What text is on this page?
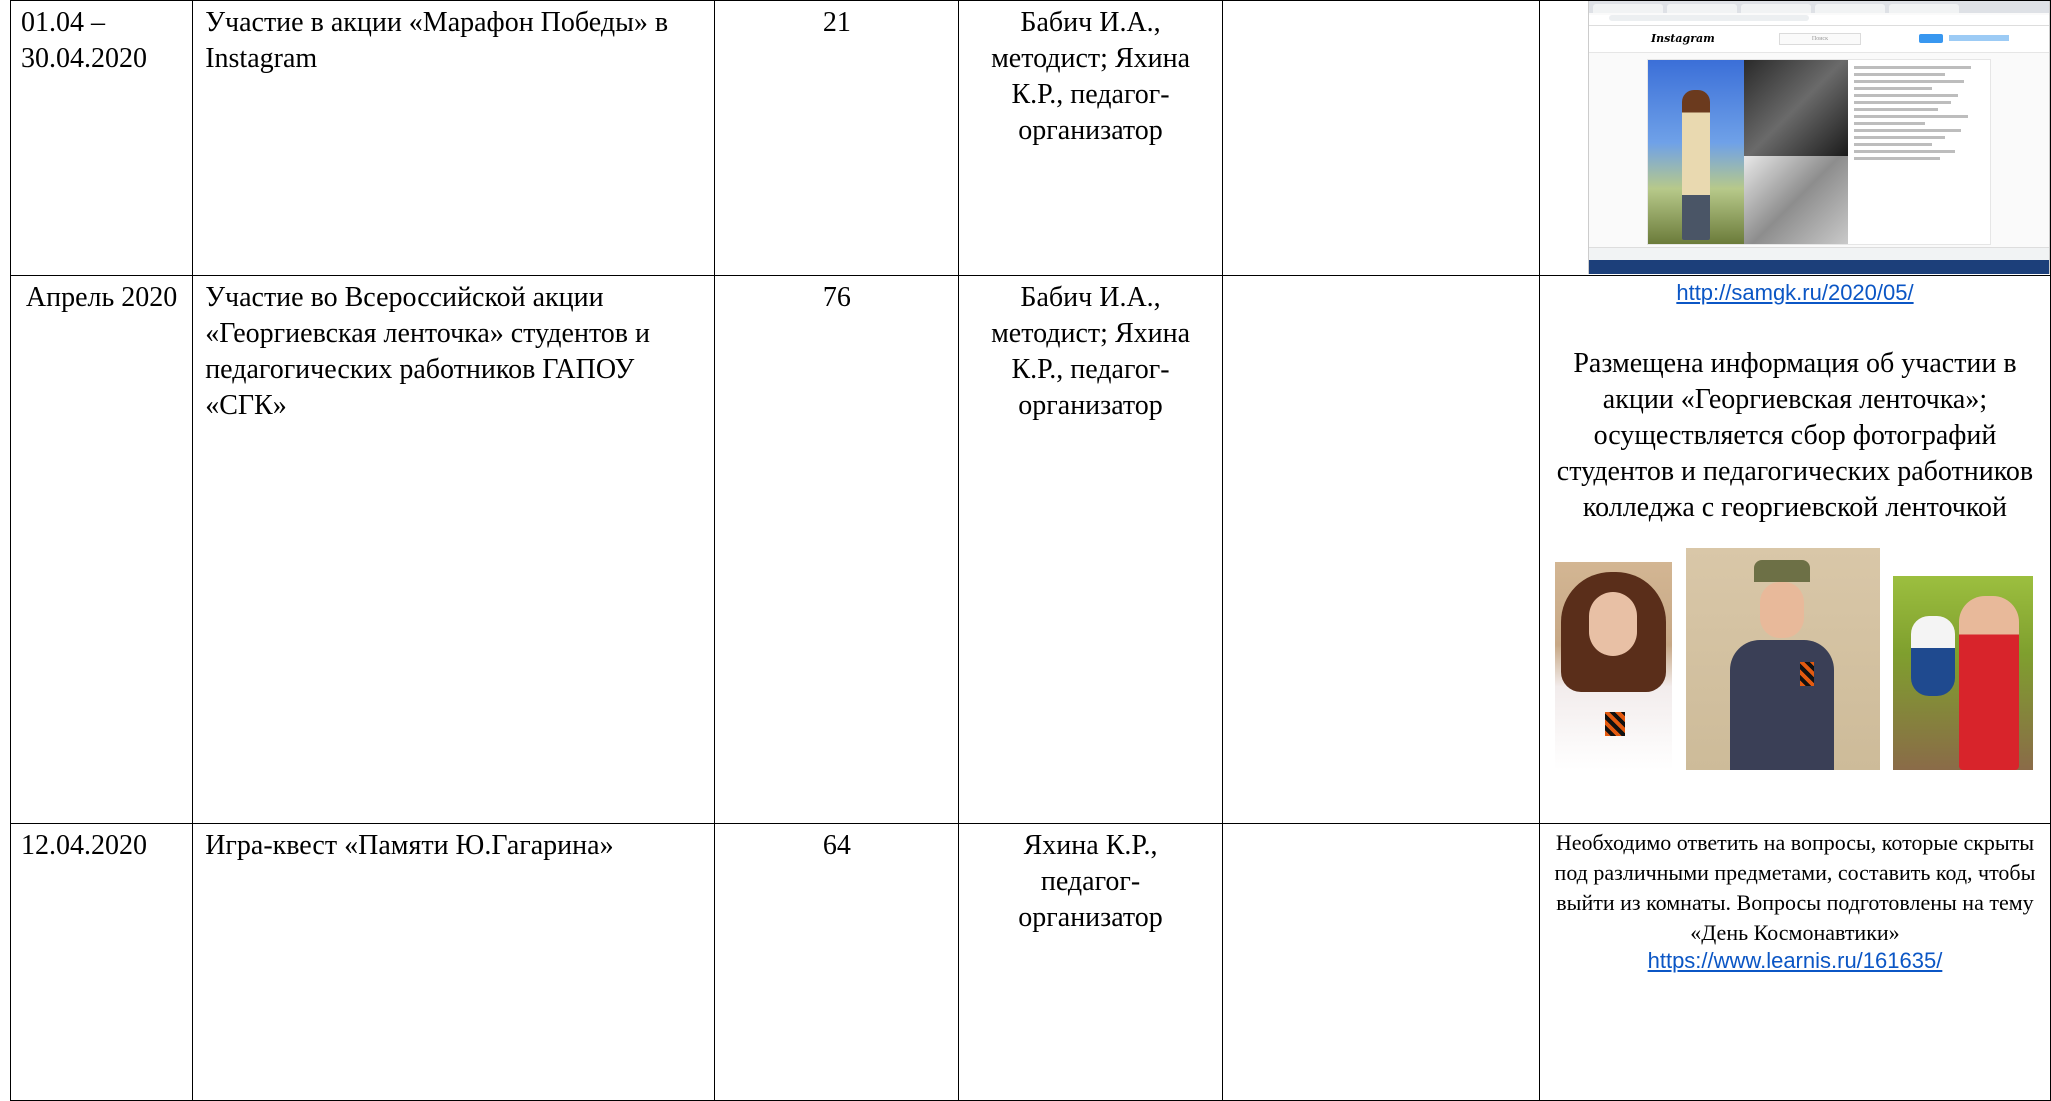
01.04 – 30.04.2020	Участие в акции «Марафон Победы» в Instagram	21	Бабич И.А., методист; Яхина К.Р., педагог-организатор		Instagram Поиск

Апрель 2020	Участие во Всероссийской акции «Георгиевская ленточка» студентов и педагогических работников ГАПОУ «СГК»	76	Бабич И.А., методист; Яхина К.Р., педагог-организатор		http://samgk.ru/2020/05/
Размещена информация об участии в акции «Георгиевская ленточка»; осуществляется сбор фотографий студентов и педагогических работников колледжа с георгиевской ленточкой

12.04.2020	Игра-квест «Памяти Ю.Гагарина»	64	Яхина К.Р., педагог-организатор		Необходимо ответить на вопросы, которые скрыты под различными предметами, составить код, чтобы выйти из комнаты. Вопросы подготовлены на тему «День Космонавтики»
https://www.learnis.ru/161635/
